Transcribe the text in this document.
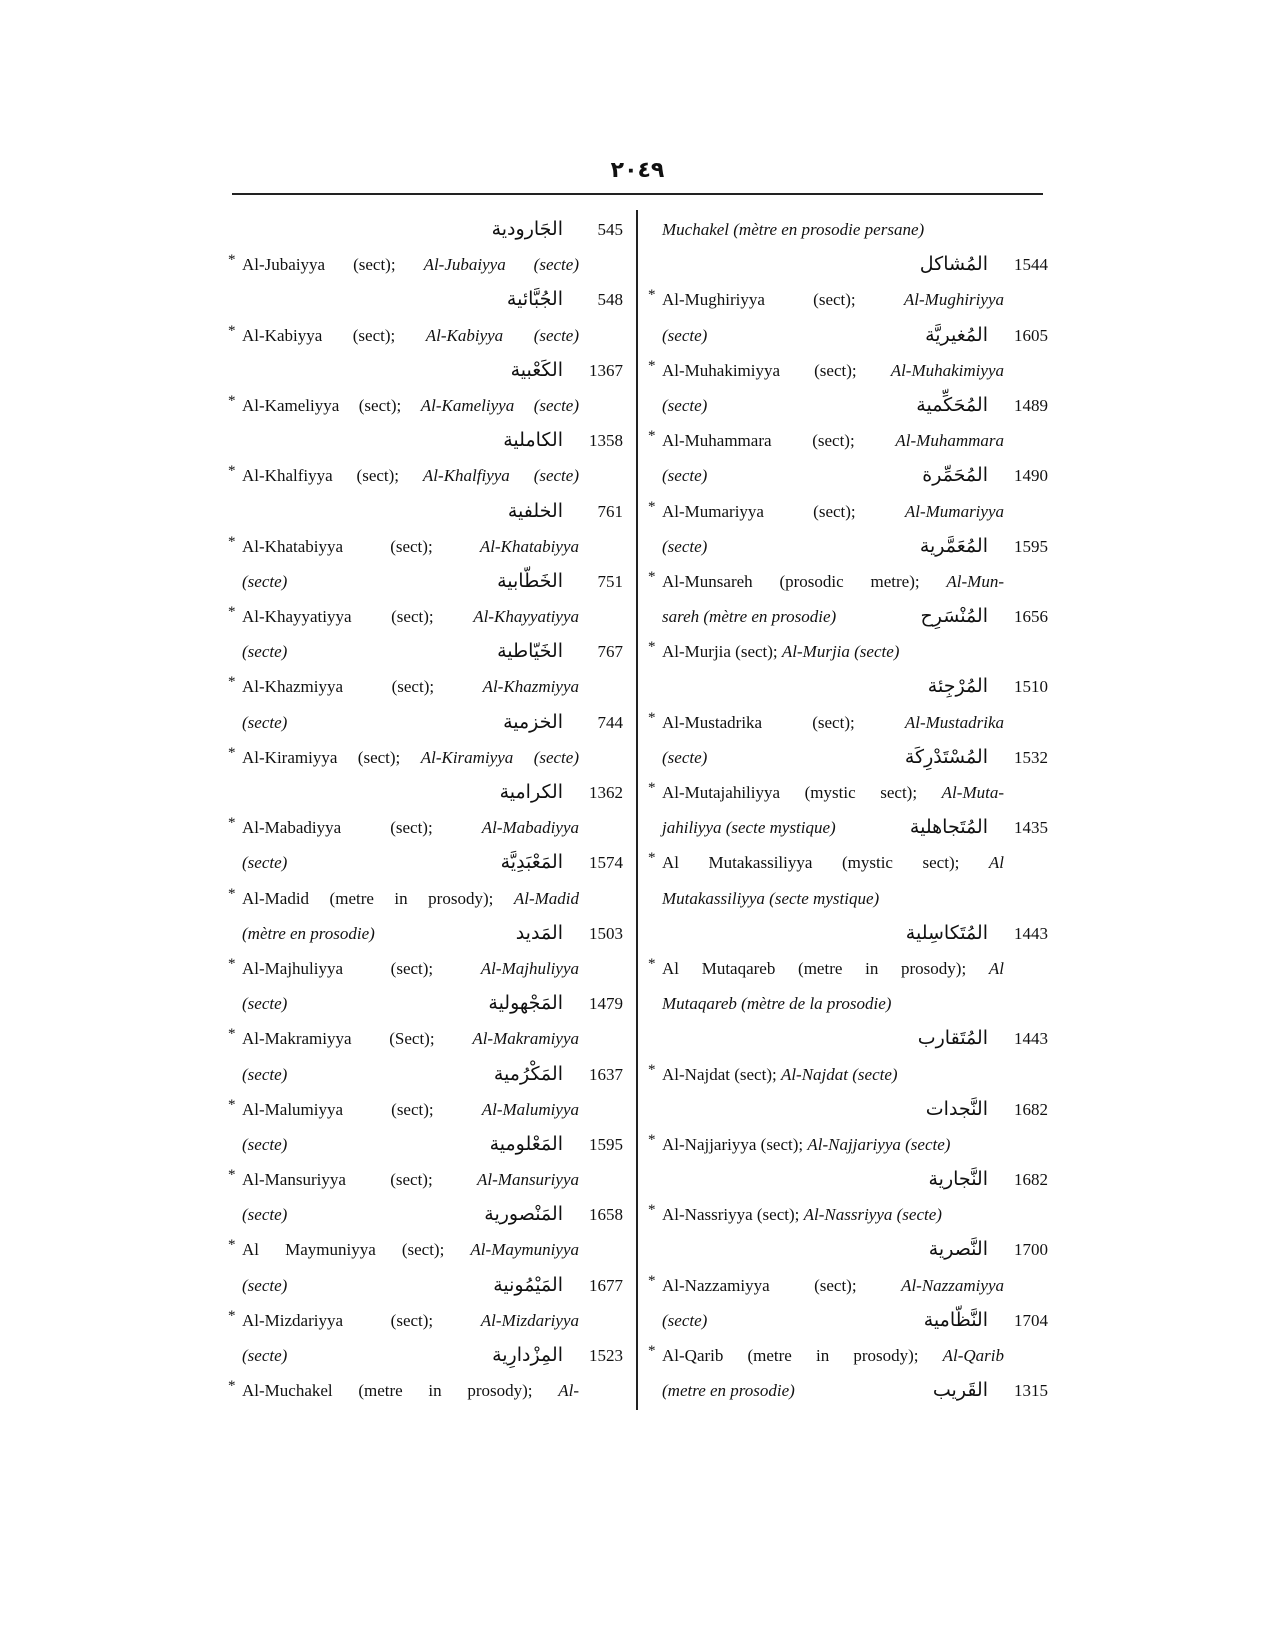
٢٠٤٩
الجَارودية	545
* Al-Jubaiyya (sect); Al-Jubaiyya (secte)
الجُبَّائية	548
* Al-Kabiyya (sect); Al-Kabiyya (secte)
الكَعْبية	1367
* Al-Kameliyya (sect); Al-Kameliyya (secte)
الكاملية	1358
* Al-Khalfiyya (sect); Al-Khalfiyya (secte)
الخلفية	761
* Al-Khatabiyya (sect); Al-Khatabiyya
(secte)	الخَطّابية	751
* Al-Khayyatiyya (sect); Al-Khayyatiyya
(secte)	الخَيّاطية	767
* Al-Khazmiyya (sect); Al-Khazmiyya
(secte)	الخزمية	744
* Al-Kiramiyya (sect); Al-Kiramiyya (secte)
الكرامية	1362
* Al-Mabadiyya (sect); Al-Mabadiyya
(secte)	المَعْبَدِيَّة	1574
* Al-Madid (metre in prosody); Al-Madid
(mètre en prosodie)	المَديد	1503
* Al-Majhuliyya (sect); Al-Majhuliyya
(secte)	المَجْهولية	1479
* Al-Makramiyya (Sect); Al-Makramiyya
(secte)	المَكْرُمية	1637
* Al-Malumiyya (sect); Al-Malumiyya
(secte)	المَعْلومية	1595
* Al-Mansuriyya (sect); Al-Mansuriyya
(secte)	المَنْصورية	1658
* Al Maymuniyya (sect); Al-Maymuniyya
(secte)	المَيْمُونية	1677
* Al-Mizdariyya (sect); Al-Mizdariyya
(secte)	المِزْدارِية	1523
* Al-Muchakel (metre in prosody); Al-
Muchakel (mètre en prosodie persane)
المُشاكل	1544
* Al-Mughiriyya (sect); Al-Mughiriyya
(secte)	المُغيريَّة	1605
* Al-Muhakimiyya (sect); Al-Muhakimiyya
(secte)	المُحَكِّمية	1489
* Al-Muhammara (sect); Al-Muhammara
(secte)	المُحَمِّرة	1490
* Al-Mumariyya (sect); Al-Mumariyya
(secte)	المُعَمَّرية	1595
* Al-Munsareh (prosodic metre); Al-Mun-
sareh (mètre en prosodie)	المُنْسَرِح	1656
* Al-Murjia (sect); Al-Murjia (secte)
المُرْجِئة	1510
* Al-Mustadrika (sect); Al-Mustadrika
(secte)	المُسْتَدْرِكَة	1532
* Al-Mutajahiliyya (mystic sect); Al-Muta-
jahiliyya (secte mystique)	المُتَجاهلية	1435
* Al Mutakassiliyya (mystic sect); Al
Mutakassiliyya (secte mystique)
المُتَكاسِلية	1443
* Al Mutaqareb (metre in prosody); Al
Mutaqareb (mètre de la prosodie)
المُتَقارب	1443
* Al-Najdat (sect); Al-Najdat (secte)
النَّجدات	1682
* Al-Najjariyya (sect); Al-Najjariyya (secte)
النَّجارية	1682
* Al-Nassriyya (sect); Al-Nassriyya (secte)
النَّصرية	1700
* Al-Nazzamiyya (sect); Al-Nazzamiyya
(secte)	النَّظّامية	1704
* Al-Qarib (metre in prosody); Al-Qarib
(metre en prosodie)	القَريب	1315
